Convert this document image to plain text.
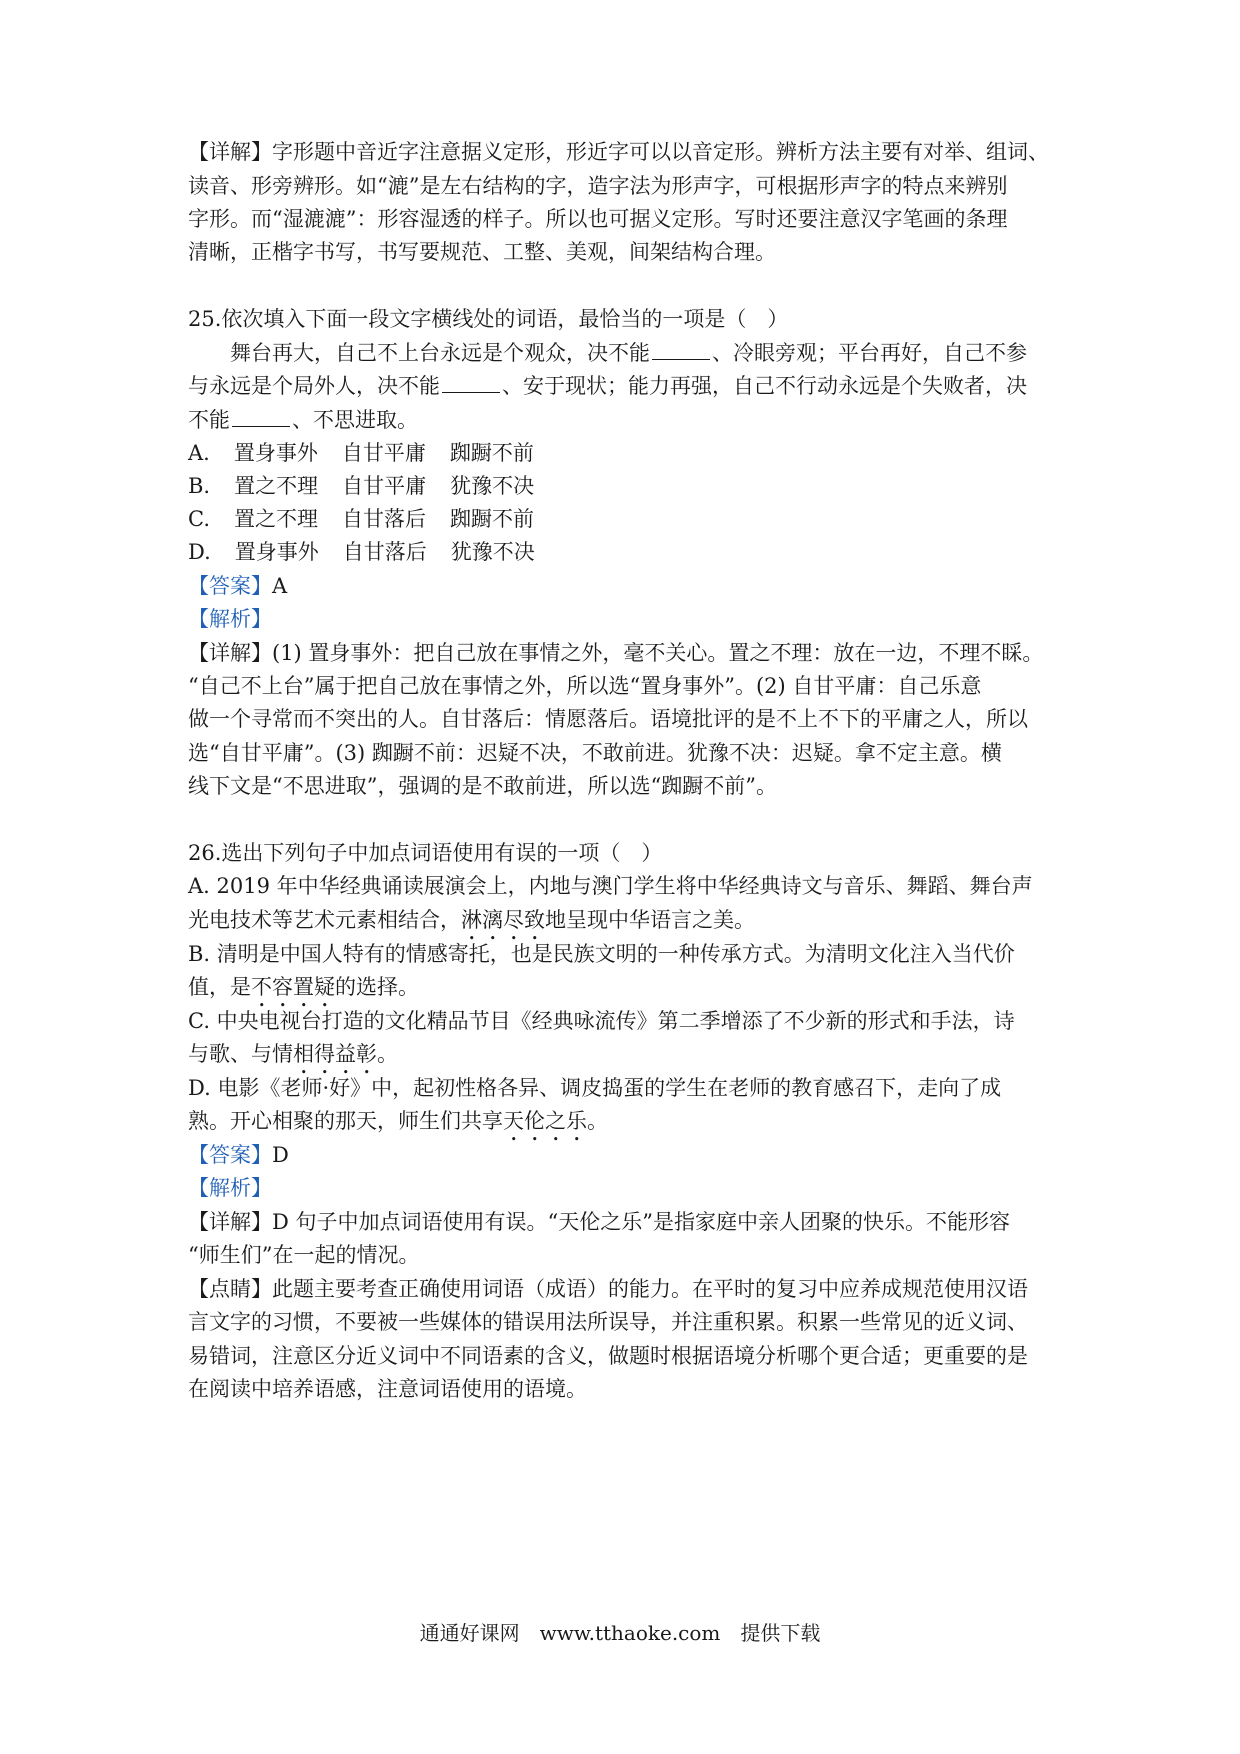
【详解】字形题中音近字注意据义定形，形近字可以以音定形。辨析方法主要有对举、组词、
读音、形旁辨形。如“漉”是左右结构的字，造字法为形声字，可根据形声字的特点来辨别
字形。而“湿漉漉”：形容湿透的样子。所以也可据义定形。写时还要注意汉字笔画的条理
清晰，正楷字书写，书写要规范、工整、美观，间架结构合理。
25.依次填入下面一段文字横线处的词语，最恰当的一项是（　）
舞台再大，自己不上台永远是个观众，决不能	、冷眼旁观；平台再好，自己不参
与永远是个局外人，决不能	、安于现状；能力再强，自己不行动永远是个失败者，决
不能	、不思进取。
A. 置身事外 自甘平庸 踟蹰不前
B. 置之不理 自甘平庸 犹豫不决
C. 置之不理 自甘落后 踟蹰不前
D. 置身事外 自甘落后 犹豫不决
【答案】A
【解析】
【详解】(1) 置身事外：把自己放在事情之外，毫不关心。置之不理：放在一边，不理不睬。
“自己不上台”属于把自己放在事情之外，所以选“置身事外”。(2) 自甘平庸：自己乐意
做一个寻常而不突出的人。自甘落后：情愿落后。语境批评的是不上不下的平庸之人，所以
选“自甘平庸”。(3) 踟蹰不前：迟疑不决，不敢前进。犹豫不决：迟疑。拿不定主意。横
线下文是“不思进取”，强调的是不敢前进，所以选“踟蹰不前”。
26.选出下列句子中加点词语使用有误的一项（　）
A. 2019 年中华经典诵读展演会上，内地与澳门学生将中华经典诗文与音乐、舞蹈、舞台声
光电技术等艺术元素相结合，淋漓尽致地呈现中华语言之美。
B. 清明是中国人特有的情感寄托，也是民族文明的一种传承方式。为清明文化注入当代价
值，是不容置疑的选择。
C. 中央电视台打造的文化精品节目《经典咏流传》第二季增添了不少新的形式和手法，诗
与歌、与情相得益彰。
D. 电影《老师·好》中，起初性格各异、调皮捣蛋的学生在老师的教育感召下，走向了成
熟。开心相聚的那天，师生们共享天伦之乐。
【答案】D
【解析】
【详解】D 句子中加点词语使用有误。“天伦之乐”是指家庭中亲人团聚的快乐。不能形容
“师生们”在一起的情况。
【点睛】此题主要考查正确使用词语（成语）的能力。在平时的复习中应养成规范使用汉语
言文字的习惯，不要被一些媒体的错误用法所误导，并注重积累。积累一些常见的近义词、
易错词，注意区分近义词中不同语素的含义，做题时根据语境分析哪个更合适；更重要的是
在阅读中培养语感，注意词语使用的语境。
通通好课网　www.tthaoke.com　提供下载
